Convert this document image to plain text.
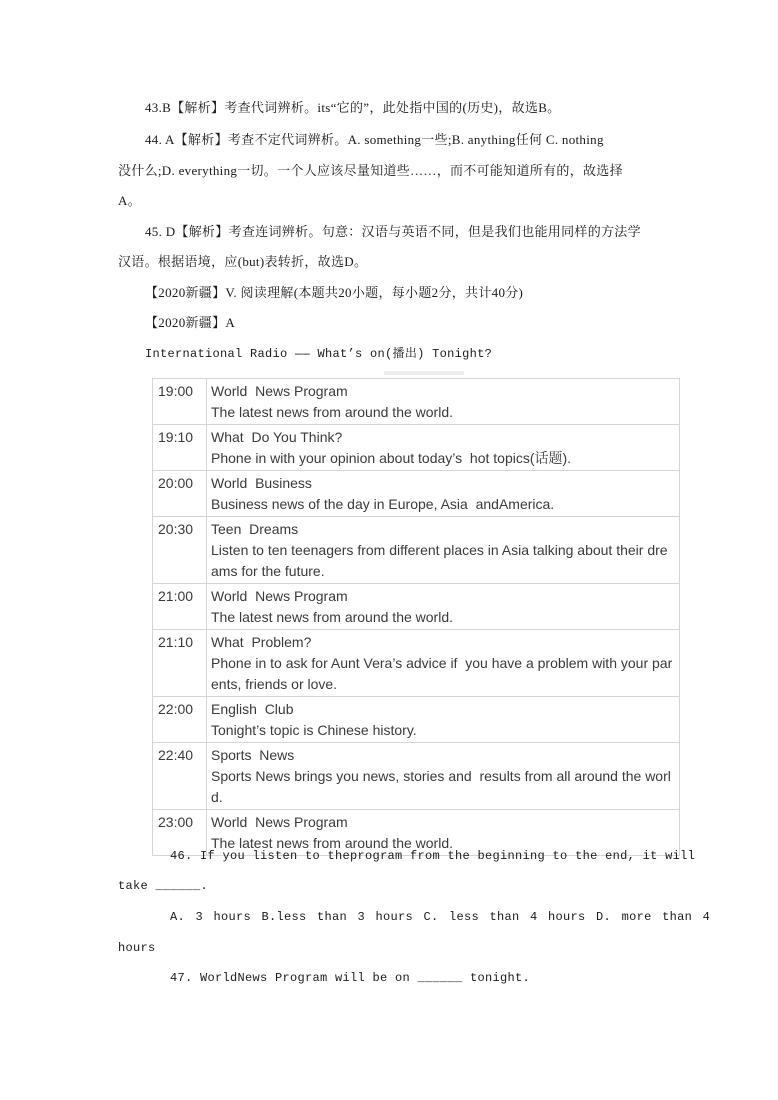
43.B【解析】考查代词辨析。its“它的”，此处指中国的(历史)，故选B。
44. A【解析】考查不定代词辨析。A. something一些;B. anything任何 C. nothing
没什么;D. everything一切。一个人应该尽量知道些……，而不可能知道所有的，故选择
A。
45. D【解析】考查连词辨析。句意：汉语与英语不同，但是我们也能用同样的方法学
汉语。根据语境，应(but)表转折，故选D。
【2020新疆】V. 阅读理解(本题共20小题，每小题2分，共计40分)
【2020新疆】A
International Radio —— What’s on(播出) Tonight?
19:00	World  News Program
The latest news from around the world.

19:10	What  Do You Think?
Phone in with your opinion about today’s  hot topics(话题).

20:00	World  Business
Business news of the day in Europe, Asia  andAmerica.

20:30	Teen  Dreams
Listen to ten teenagers from different places in Asia talking about their dreams for the future.

21:00	World  News Program
The latest news from around the world.

21:10	What  Problem?
Phone in to ask for Aunt Vera’s advice if  you have a problem with your parents, friends or love.

22:00	English  Club
Tonight’s topic is Chinese history.

22:40	Sports  News
Sports News brings you news, stories and  results from all around the world.

23:00	World  News Program
The latest news from around the world.
46. If you listen to theprogram from the beginning to the end, it will
take ______.
A. 3 hours B.less than 3 hours C. less than 4 hours D. more than 4
hours
47. WorldNews Program will be on ______ tonight.
